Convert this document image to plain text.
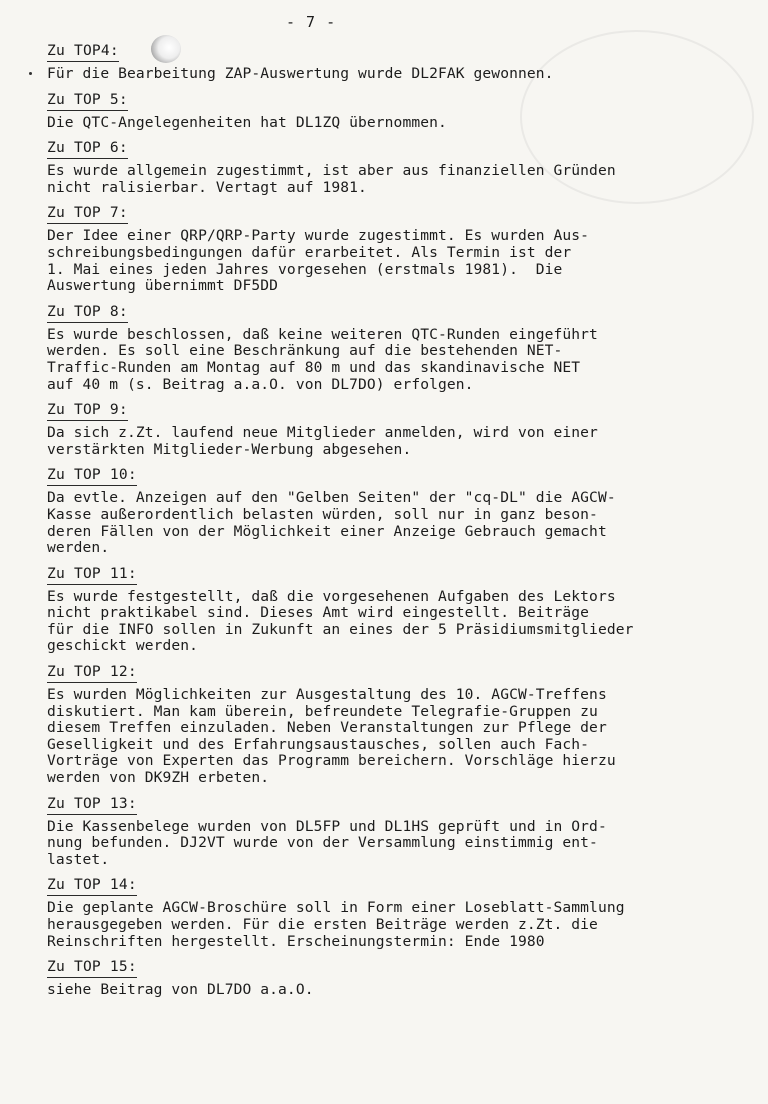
- 7 -
Zu TOP4:
Für die Bearbeitung ZAP-Auswertung wurde DL2FAK gewonnen.
Zu TOP 5:
Die QTC-Angelegenheiten hat DL1ZQ übernommen.
Zu TOP 6:
Es wurde allgemein zugestimmt, ist aber aus finanziellen Gründen
nicht ralisierbar. Vertagt auf 1981.
Zu TOP 7:
Der Idee einer QRP/QRP-Party wurde zugestimmt. Es wurden Aus-
schreibungsbedingungen dafür erarbeitet. Als Termin ist der
1. Mai eines jeden Jahres vorgesehen (erstmals 1981).  Die
Auswertung übernimmt DF5DD
Zu TOP 8:
Es wurde beschlossen, daß keine weiteren QTC-Runden eingeführt
werden. Es soll eine Beschränkung auf die bestehenden NET-
Traffic-Runden am Montag auf 80 m und das skandinavische NET
auf 40 m (s. Beitrag a.a.O. von DL7DO) erfolgen.
Zu TOP 9:
Da sich z.Zt. laufend neue Mitglieder anmelden, wird von einer
verstärkten Mitglieder-Werbung abgesehen.
Zu TOP 10:
Da evtle. Anzeigen auf den "Gelben Seiten" der "cq-DL" die AGCW-
Kasse außerordentlich belasten würden, soll nur in ganz beson-
deren Fällen von der Möglichkeit einer Anzeige Gebrauch gemacht
werden.
Zu TOP 11:
Es wurde festgestellt, daß die vorgesehenen Aufgaben des Lektors
nicht praktikabel sind. Dieses Amt wird eingestellt. Beiträge
für die INFO sollen in Zukunft an eines der 5 Präsidiumsmitglieder
geschickt werden.
Zu TOP 12:
Es wurden Möglichkeiten zur Ausgestaltung des 10. AGCW-Treffens
diskutiert. Man kam überein, befreundete Telegrafie-Gruppen zu
diesem Treffen einzuladen. Neben Veranstaltungen zur Pflege der
Geselligkeit und des Erfahrungsaustausches, sollen auch Fach-
Vorträge von Experten das Programm bereichern. Vorschläge hierzu
werden von DK9ZH erbeten.
Zu TOP 13:
Die Kassenbelege wurden von DL5FP und DL1HS geprüft und in Ord-
nung befunden. DJ2VT wurde von der Versammlung einstimmig ent-
lastet.
Zu TOP 14:
Die geplante AGCW-Broschüre soll in Form einer Loseblatt-Sammlung
herausgegeben werden. Für die ersten Beiträge werden z.Zt. die
Reinschriften hergestellt. Erscheinungstermin: Ende 1980
Zu TOP 15:
siehe Beitrag von DL7DO a.a.O.
